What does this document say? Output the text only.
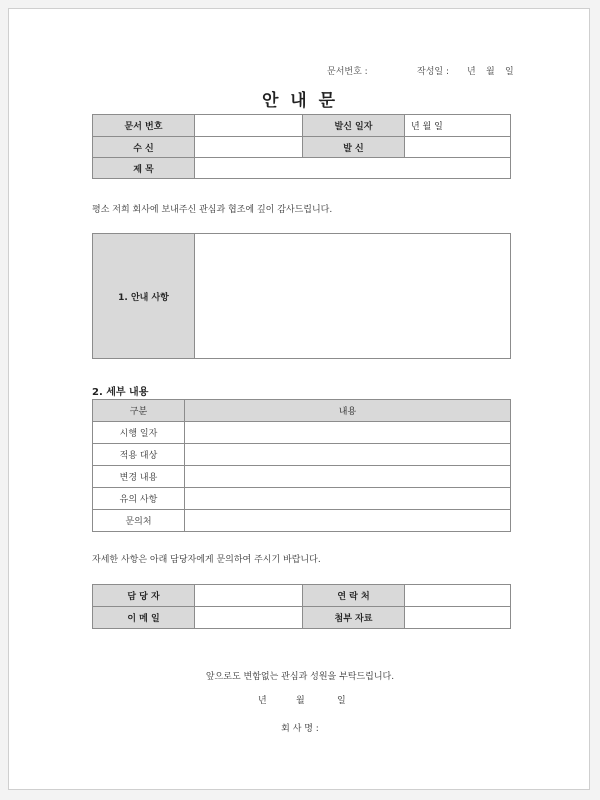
문서번호 :	작성일 : 년 월 일
안 내 문
문서 번호		발신 일자	년 월 일
수 신		발 신	
제 목			
평소 저희 회사에 보내주신 관심과 협조에 깊이 감사드립니다.
1. 안내 사항	
2. 세부 내용
구분	내용
시행 일자	
적용 대상	
변경 내용	
유의 사항	
문의처	
자세한 사항은 아래 담당자에게 문의하여 주시기 바랍니다.
담 당 자		연 락 처	
이 메 일		첨부 자료	
앞으로도 변함없는 관심과 성원을 부탁드립니다.
년	월	일
회 사 명 :
